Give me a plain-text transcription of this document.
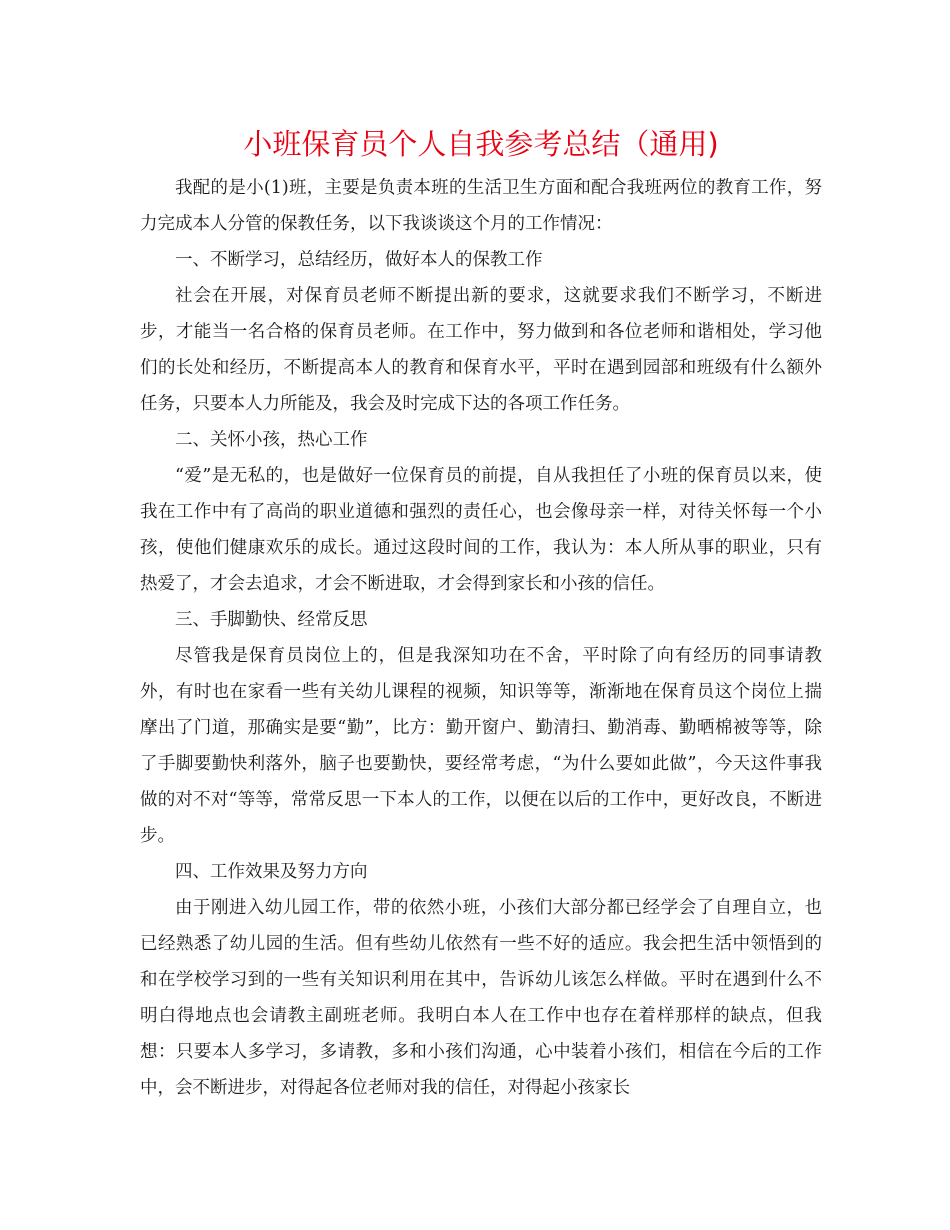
小班保育员个人自我参考总结（通用)

我配的是小(1)班，主要是负责本班的生活卫生方面和配合我班两位的教育工作，努力完成本人分管的保教任务，以下我谈谈这个月的工作情况：

一、不断学习，总结经历，做好本人的保教工作

社会在开展，对保育员老师不断提出新的要求，这就要求我们不断学习，不断进步，才能当一名合格的保育员老师。在工作中，努力做到和各位老师和谐相处，学习他们的长处和经历，不断提高本人的教育和保育水平，平时在遇到园部和班级有什么额外任务，只要本人力所能及，我会及时完成下达的各项工作任务。

二、关怀小孩，热心工作

“爱”是无私的，也是做好一位保育员的前提，自从我担任了小班的保育员以来，使我在工作中有了高尚的职业道德和强烈的责任心，也会像母亲一样，对待关怀每一个小孩，使他们健康欢乐的成长。通过这段时间的工作，我认为：本人所从事的职业，只有热爱了，才会去追求，才会不断进取，才会得到家长和小孩的信任。

三、手脚勤快、经常反思

尽管我是保育员岗位上的，但是我深知功在不舍，平时除了向有经历的同事请教外，有时也在家看一些有关幼儿课程的视频，知识等等，渐渐地在保育员这个岗位上揣摩出了门道，那确实是要“勤”，比方：勤开窗户、勤清扫、勤消毒、勤晒棉被等等，除了手脚要勤快利落外，脑子也要勤快，要经常考虑，“为什么要如此做”，今天这件事我做的对不对“等等，常常反思一下本人的工作，以便在以后的工作中，更好改良，不断进步。

四、工作效果及努力方向

由于刚进入幼儿园工作，带的依然小班，小孩们大部分都已经学会了自理自立，也已经熟悉了幼儿园的生活。但有些幼儿依然有一些不好的适应。我会把生活中领悟到的和在学校学习到的一些有关知识利用在其中，告诉幼儿该怎么样做。平时在遇到什么不明白得地点也会请教主副班老师。我明白本人在工作中也存在着样那样的缺点，但我想：只要本人多学习，多请教，多和小孩们沟通，心中装着小孩们，相信在今后的工作中，会不断进步，对得起各位老师对我的信任，对得起小孩家长
